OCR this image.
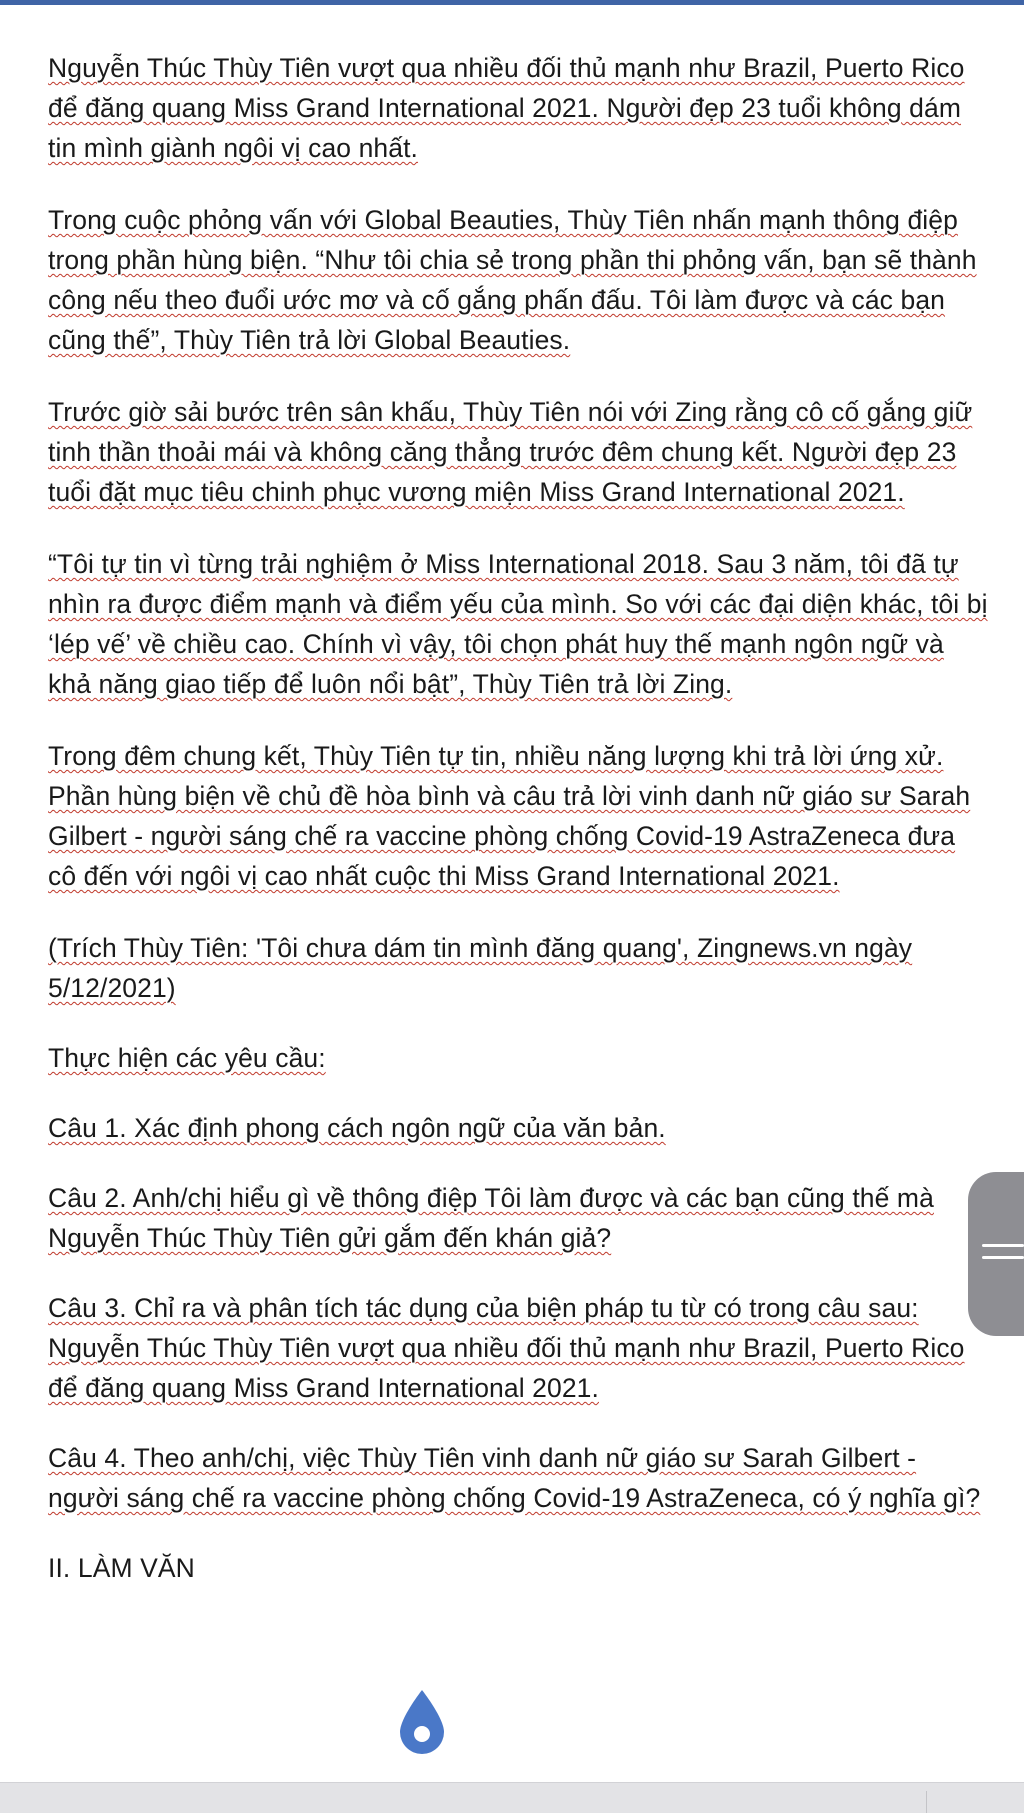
Nguyễn Thúc Thùy Tiên vượt qua nhiều đối thủ mạnh như Brazil, Puerto Rico để đăng quang Miss Grand International 2021. Người đẹp 23 tuổi không dám tin mình giành ngôi vị cao nhất.

Trong cuộc phỏng vấn với Global Beauties, Thùy Tiên nhấn mạnh thông điệp trong phần hùng biện. “Như tôi chia sẻ trong phần thi phỏng vấn, bạn sẽ thành công nếu theo đuổi ước mơ và cố gắng phấn đấu. Tôi làm được và các bạn cũng thế”, Thùy Tiên trả lời Global Beauties.

Trước giờ sải bước trên sân khấu, Thùy Tiên nói với Zing rằng cô cố gắng giữ tinh thần thoải mái và không căng thẳng trước đêm chung kết. Người đẹp 23 tuổi đặt mục tiêu chinh phục vương miện Miss Grand International 2021.

“Tôi tự tin vì từng trải nghiệm ở Miss International 2018. Sau 3 năm, tôi đã tự nhìn ra được điểm mạnh và điểm yếu của mình. So với các đại diện khác, tôi bị ‘lép vế’ về chiều cao. Chính vì vậy, tôi chọn phát huy thế mạnh ngôn ngữ và khả năng giao tiếp để luôn nổi bật”, Thùy Tiên trả lời Zing.

Trong đêm chung kết, Thùy Tiên tự tin, nhiều năng lượng khi trả lời ứng xử. Phần hùng biện về chủ đề hòa bình và câu trả lời vinh danh nữ giáo sư Sarah Gilbert - người sáng chế ra vaccine phòng chống Covid-19 AstraZeneca đưa cô đến với ngôi vị cao nhất cuộc thi Miss Grand International 2021.

(Trích Thùy Tiên: 'Tôi chưa dám tin mình đăng quang', Zingnews.vn ngày 5/12/2021)

Thực hiện các yêu cầu:

Câu 1. Xác định phong cách ngôn ngữ của văn bản.

Câu 2. Anh/chị hiểu gì về thông điệp Tôi làm được và các bạn cũng thế mà Nguyễn Thúc Thùy Tiên gửi gắm đến khán giả?

Câu 3. Chỉ ra và phân tích tác dụng của biện pháp tu từ có trong câu sau: Nguyễn Thúc Thùy Tiên vượt qua nhiều đối thủ mạnh như Brazil, Puerto Rico để đăng quang Miss Grand International 2021.

Câu 4. Theo anh/chị, việc Thùy Tiên vinh danh nữ giáo sư Sarah Gilbert - người sáng chế ra vaccine phòng chống Covid-19 AstraZeneca, có ý nghĩa gì?

II. LÀM VĂN
